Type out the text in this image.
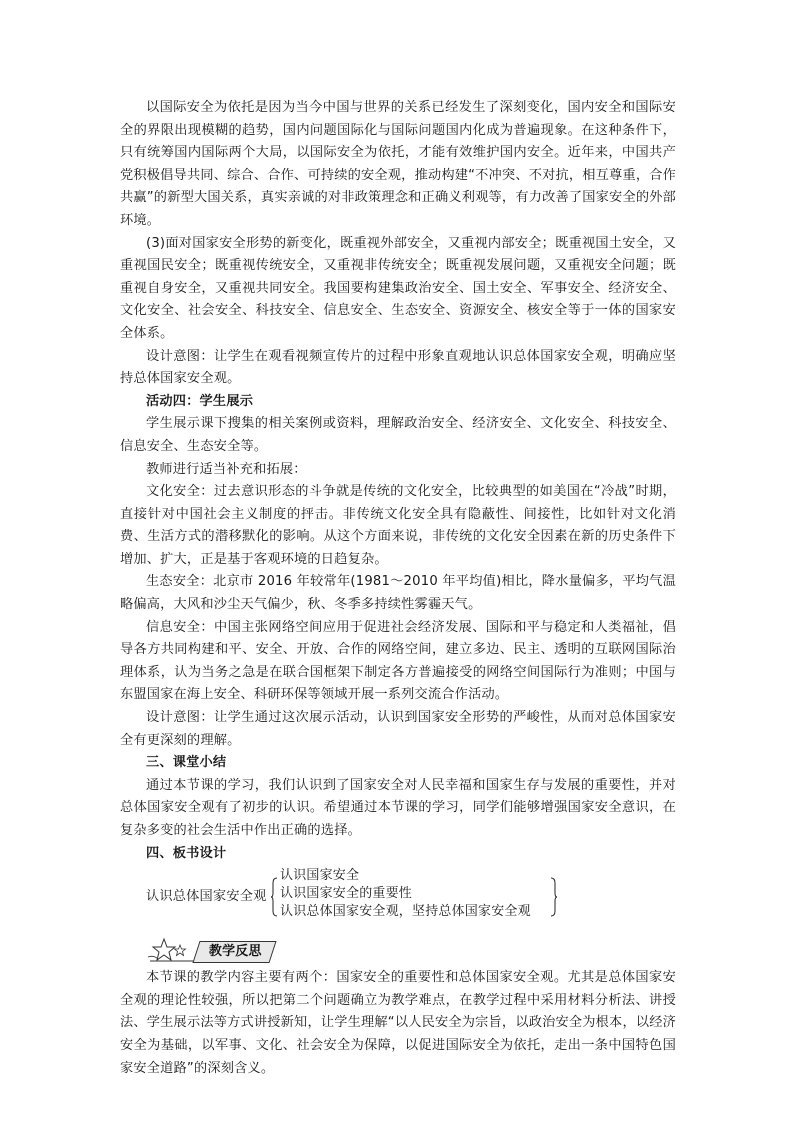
以国际安全为依托是因为当今中国与世界的关系已经发生了深刻变化，国内安全和国际安全的界限出现模糊的趋势，国内问题国际化与国际问题国内化成为普遍现象。在这种条件下，只有统筹国内国际两个大局，以国际安全为依托，才能有效维护国内安全。近年来，中国共产党积极倡导共同、综合、合作、可持续的安全观，推动构建“不冲突、不对抗，相互尊重，合作共赢”的新型大国关系，真实亲诚的对非政策理念和正确义利观等，有力改善了国家安全的外部环境。

(3)面对国家安全形势的新变化，既重视外部安全，又重视内部安全；既重视国土安全，又重视国民安全；既重视传统安全，又重视非传统安全；既重视发展问题，又重视安全问题；既重视自身安全，又重视共同安全。我国要构建集政治安全、国土安全、军事安全、经济安全、文化安全、社会安全、科技安全、信息安全、生态安全、资源安全、核安全等于一体的国家安全体系。

设计意图：让学生在观看视频宣传片的过程中形象直观地认识总体国家安全观，明确应坚持总体国家安全观。

活动四：学生展示

学生展示课下搜集的相关案例或资料，理解政治安全、经济安全、文化安全、科技安全、信息安全、生态安全等。

教师进行适当补充和拓展：

文化安全：过去意识形态的斗争就是传统的文化安全，比较典型的如美国在“冷战”时期，直接针对中国社会主义制度的抨击。非传统文化安全具有隐蔽性、间接性，比如针对文化消费、生活方式的潜移默化的影响。从这个方面来说，非传统的文化安全因素在新的历史条件下增加、扩大，正是基于客观环境的日趋复杂。

生态安全：北京市 2016 年较常年(1981～2010 年平均值)相比，降水量偏多，平均气温略偏高，大风和沙尘天气偏少，秋、冬季多持续性雾霾天气。

信息安全：中国主张网络空间应用于促进社会经济发展、国际和平与稳定和人类福祉，倡导各方共同构建和平、安全、开放、合作的网络空间，建立多边、民主、透明的互联网国际治理体系，认为当务之急是在联合国框架下制定各方普遍接受的网络空间国际行为准则；中国与东盟国家在海上安全、科研环保等领域开展一系列交流合作活动。

设计意图：让学生通过这次展示活动，认识到国家安全形势的严峻性，从而对总体国家安全有更深刻的理解。

三、课堂小结

通过本节课的学习，我们认识到了国家安全对人民幸福和国家生存与发展的重要性，并对总体国家安全观有了初步的认识。希望通过本节课的学习，同学们能够增强国家安全意识，在复杂多变的社会生活中作出正确的选择。

四、板书设计

认识总体国家安全观
认识国家安全
认识国家安全的重要性
认识总体国家安全观，坚持总体国家安全观
教学反思

本节课的教学内容主要有两个：国家安全的重要性和总体国家安全观。尤其是总体国家安全观的理论性较强，所以把第二个问题确立为教学难点，在教学过程中采用材料分析法、讲授法、学生展示法等方式讲授新知，让学生理解“以人民安全为宗旨，以政治安全为根本，以经济安全为基础，以军事、文化、社会安全为保障，以促进国际安全为依托，走出一条中国特色国家安全道路”的深刻含义。
